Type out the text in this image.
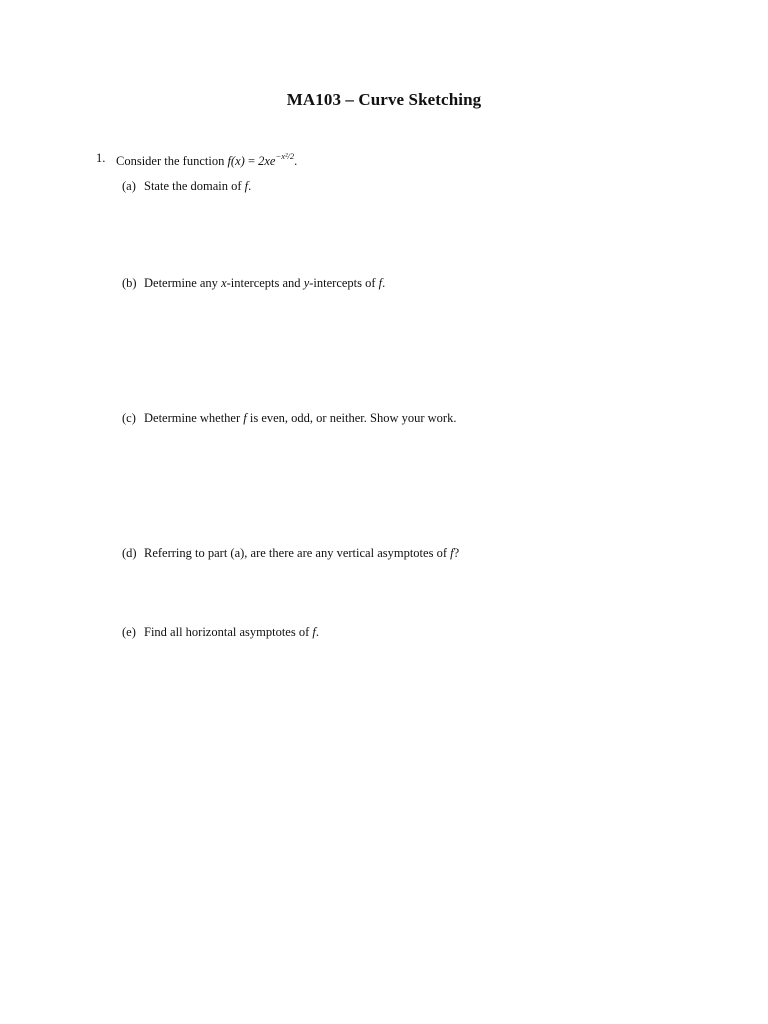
MA103 – Curve Sketching
1. Consider the function $f(x) = 2xe^{-x^2/2}$.
(a) State the domain of f.
(b) Determine any x-intercepts and y-intercepts of f.
(c) Determine whether f is even, odd, or neither. Show your work.
(d) Referring to part (a), are there are any vertical asymptotes of f?
(e) Find all horizontal asymptotes of f.
